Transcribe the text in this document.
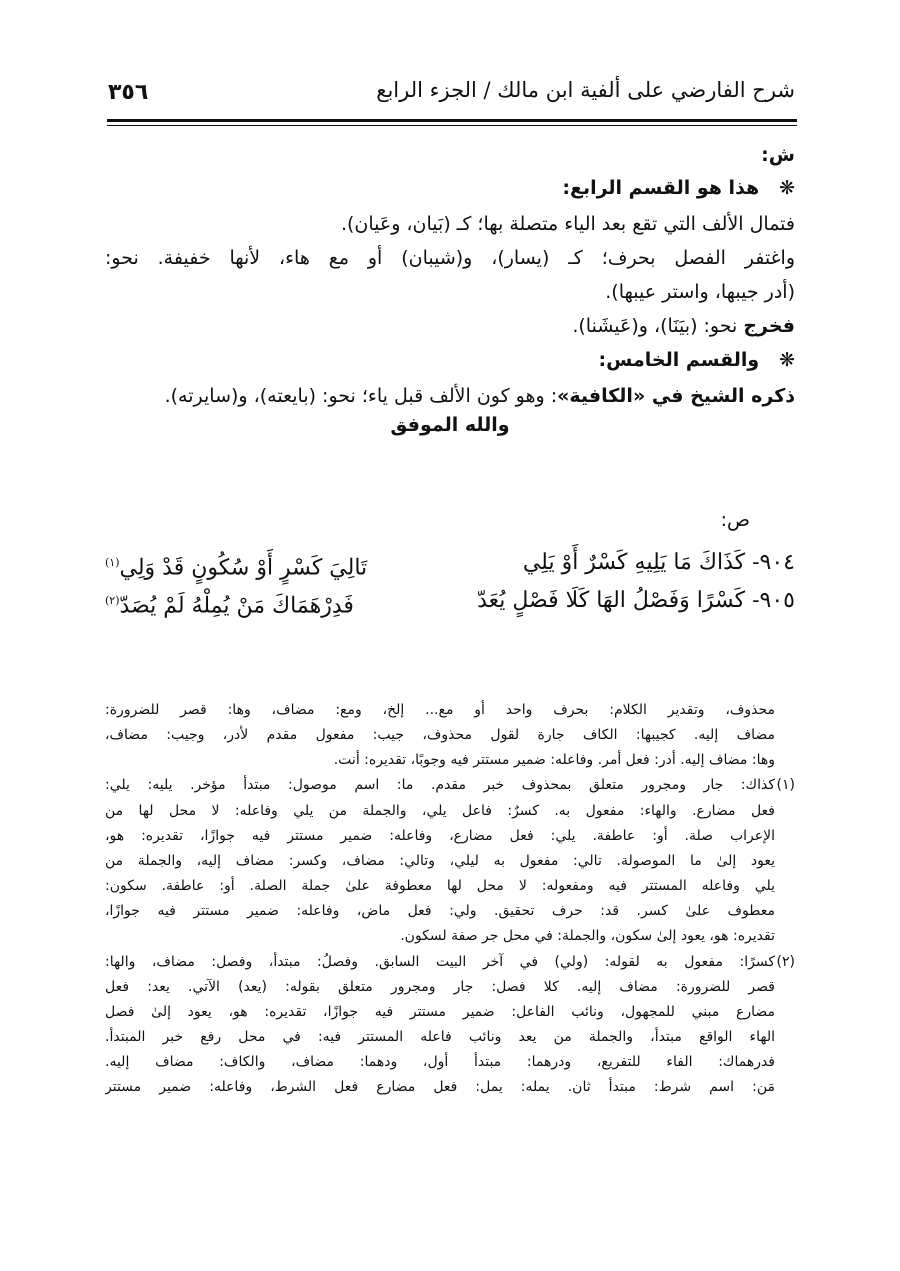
٣٥٦	شرح الفارضي على ألفية ابن مالك / الجزء الرابع
ش:
❋   هذا هو القسم الرابع:
فتمال الألف التي تقع بعد الياء متصلة بها؛ كـ (بَيان، وعَيان).
واغتفر الفصل بحرف؛ كـ (يسار)، و(شيبان) أو مع هاء، لأنها خفيفة. نحو:
(أدر جيبها، واستر عيبها).
فخرج نحو: (بيَنَا)، و(عَيشَنا).
❋   والقسم الخامس:
ذكره الشيخ في «الكافية»: وهو كون الألف قبل ياء؛ نحو: (بايعته)، و(سايرته).
والله الموفق
ص:
٩٠٤- كَذَاكَ مَا يَلِيهِ كَسْرٌ أَوْ يَلِي
تَالِيَ كَسْرٍ أَوْ سُكُونٍ قَدْ وَلِي$^{(١)}$
٩٠٥- كَسْرًا وَفَصْلُ الهَا كَلَا فَصْلٍ يُعَدّ
فَدِرْهَمَاكَ مَنْ يُمِلْهُ لَمْ يُصَدّ$^{(٢)}$
محذوف، وتقدير الكلام: بحرف واحد أو مع... إلخ، ومع: مضاف، وها: قصر للضرورة:
مضاف إليه. كجيبها: الكاف جارة لقول محذوف، جيب: مفعول مقدم لأدر، وجيب: مضاف،
وها: مضاف إليه. أدر: فعل أمر. وفاعله: ضمير مستتر فيه وجوبًا، تقديره: أنت.
(١)
كذاك: جار ومجرور متعلق بمحذوف خبر مقدم. ما: اسم موصول: مبتدأ مؤخر. يليه: يلي:
فعل مضارع. والهاء: مفعول به. كسرٌ: فاعل يلي، والجملة من يلي وفاعله: لا محل لها من
الإعراب صلة. أو: عاطفة. يلي: فعل مضارع، وفاعله: ضمير مستتر فيه جوازًا، تقديره: هو،
يعود إلىٰ ما الموصولة. تالي: مفعول به ليلي، وتالي: مضاف، وكسر: مضاف إليه، والجملة من
يلي وفاعله المستتر فيه ومفعوله: لا محل لها معطوفة علىٰ جملة الصلة. أو: عاطفة. سكون:
معطوف علىٰ كسر. قد: حرف تحقيق. ولي: فعل ماض، وفاعله: ضمير مستتر فيه جوازًا،
تقديره: هو، يعود إلىٰ سكون، والجملة: في محل جر صفة لسكون.
(٢)
كسرًا: مفعول به لقوله: (ولي) في آخر البيت السابق. وفصلُ: مبتدأ، وفصل: مضاف، والها:
قصر للضرورة: مضاف إليه. كلا فصل: جار ومجرور متعلق بقوله: (يعد) الآتي. يعد: فعل
مضارع مبني للمجهول، ونائب الفاعل: ضمير مستتر فيه جوازًا، تقديره: هو، يعود إلىٰ فصل
الهاء الواقع مبتدأ، والجملة من يعد ونائب فاعله المستتر فيه: في محل رفع خبر المبتدأ.
فدرهماك: الفاء للتفريع، ودرهما: مبتدأ أول، ودهما: مضاف، والكاف: مضاف إليه.
مَن: اسم شرط: مبتدأ ثان. يمله: يمل: فعل مضارع فعل الشرط، وفاعله: ضمير مستتر
